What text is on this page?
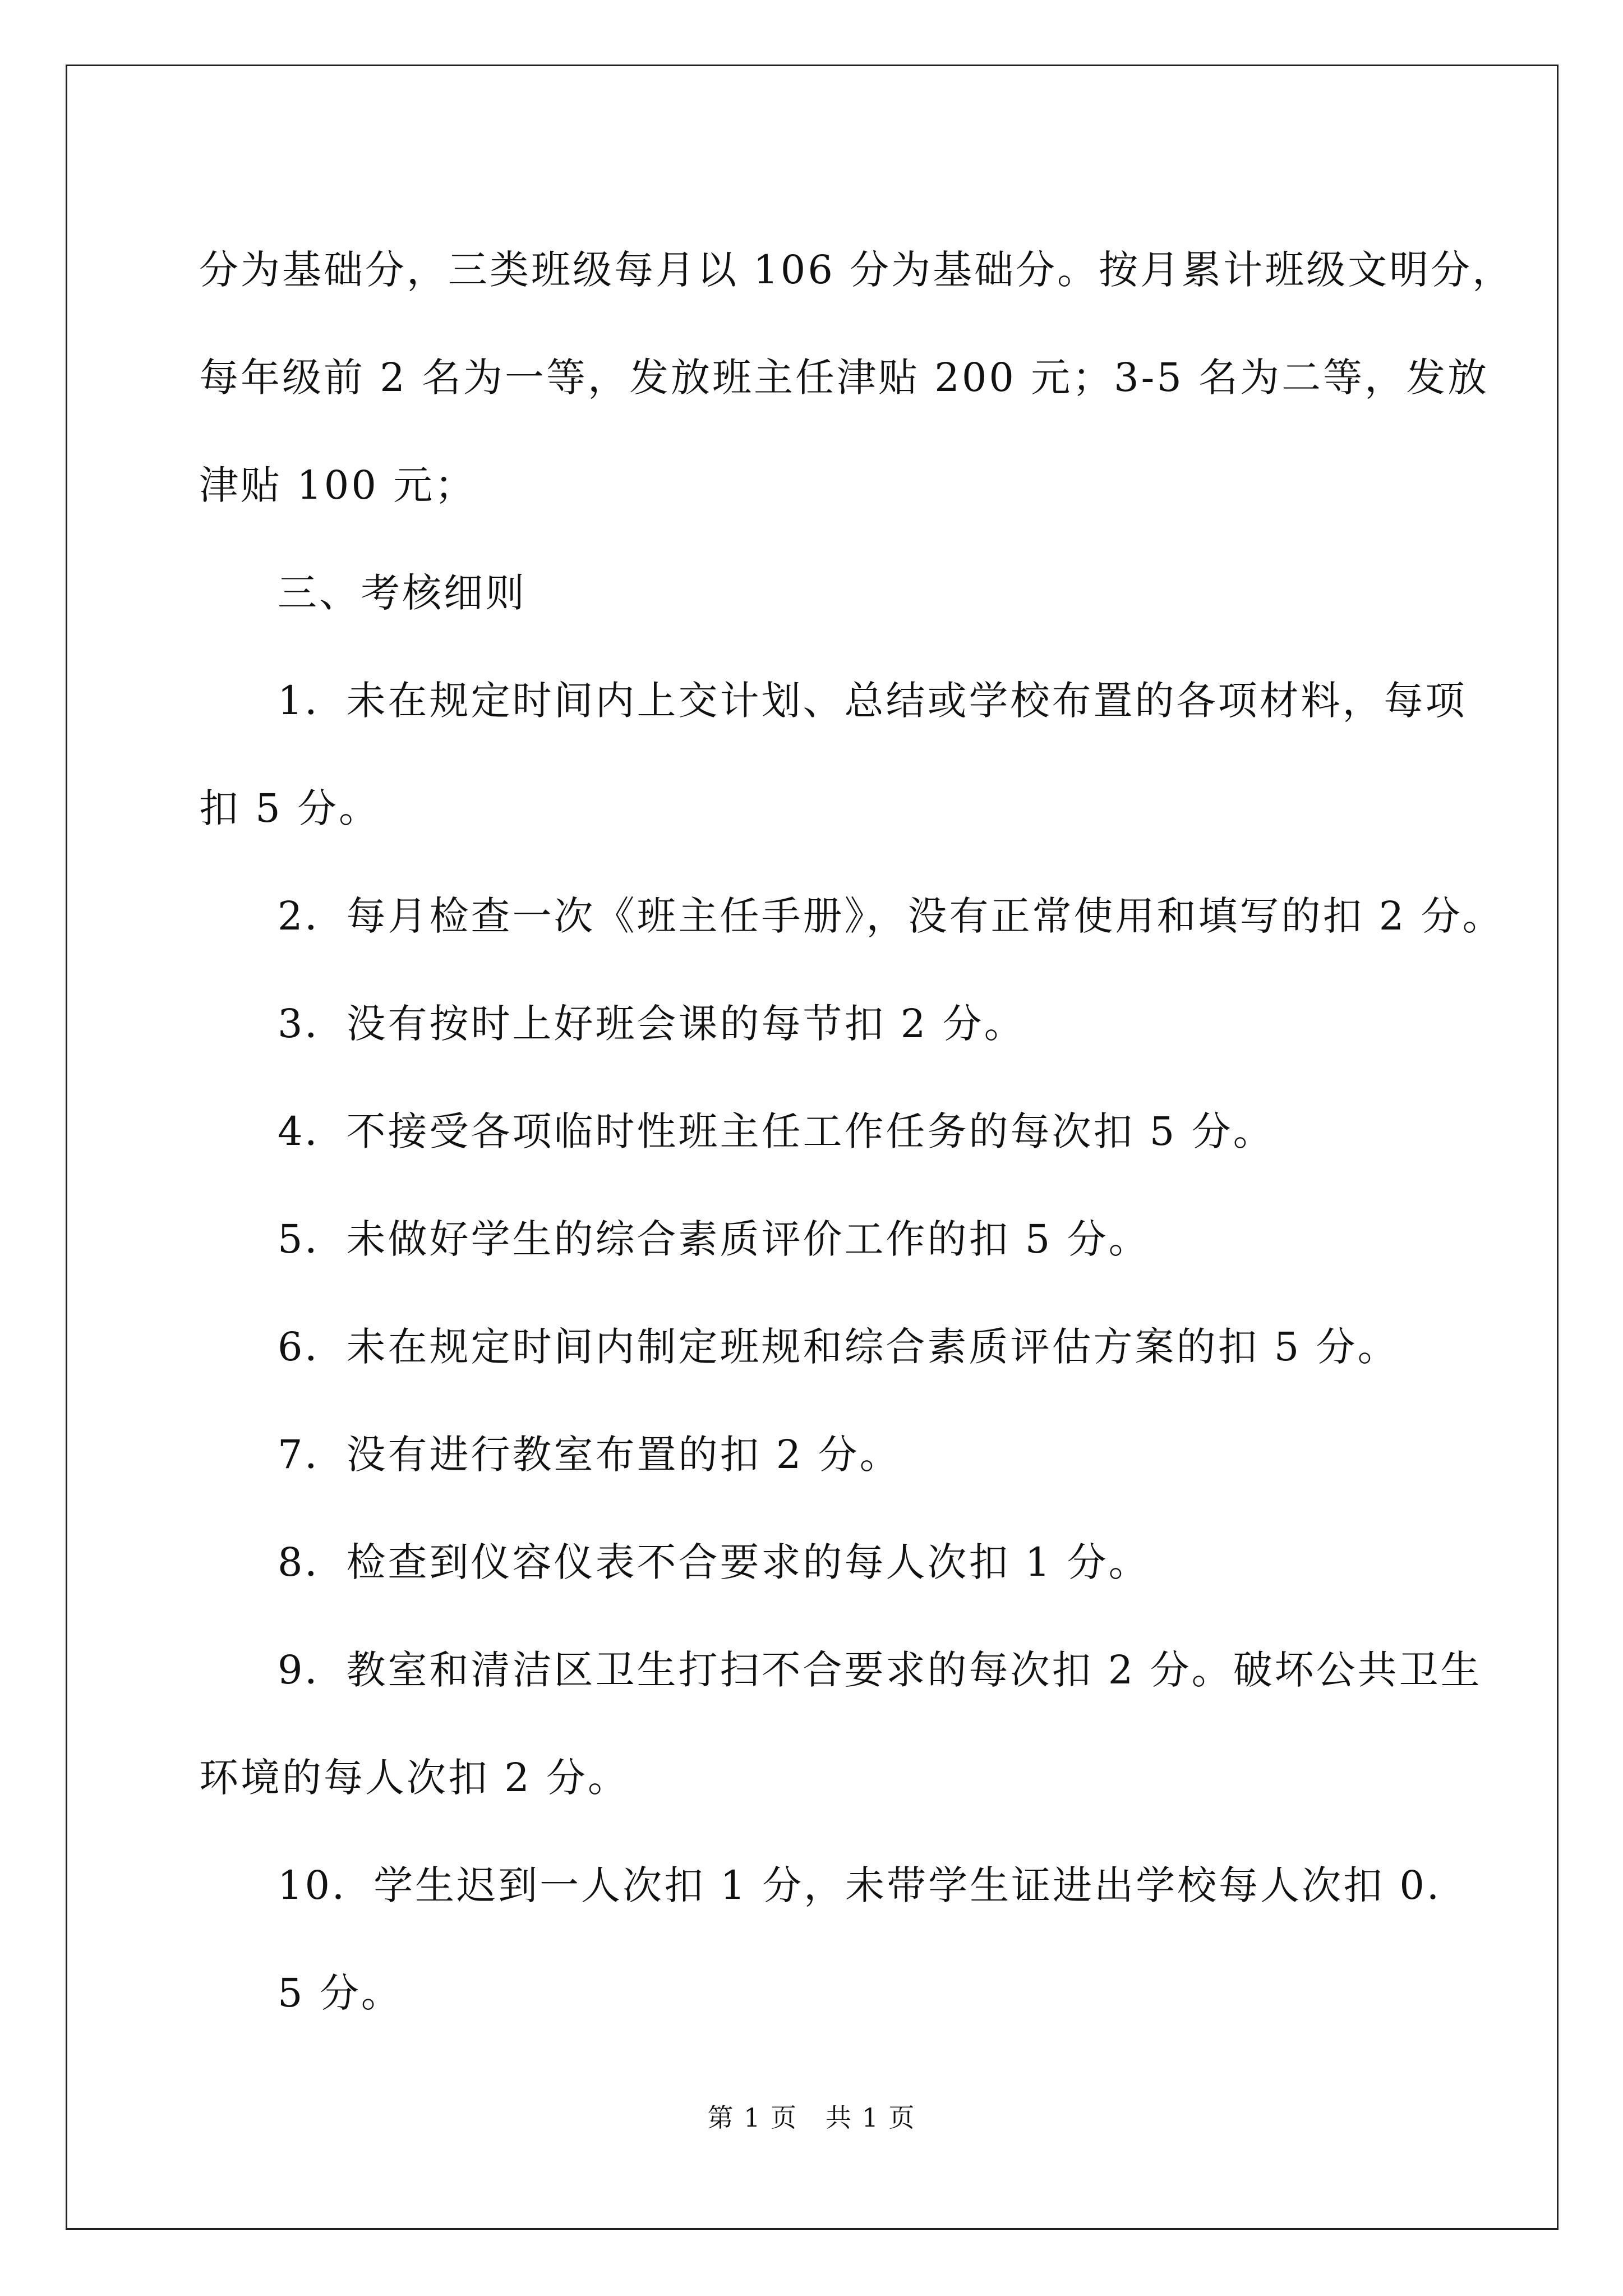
分为基础分，三类班级每月以 106 分为基础分。按月累计班级文明分，
每年级前 2 名为一等，发放班主任津贴 200 元；3-5 名为二等，发放
津贴 100 元；
三、考核细则
1．未在规定时间内上交计划、总结或学校布置的各项材料，每项
扣 5 分。
2．每月检查一次《班主任手册》，没有正常使用和填写的扣 2 分。
3．没有按时上好班会课的每节扣 2 分。
4．不接受各项临时性班主任工作任务的每次扣 5 分。
5．未做好学生的综合素质评价工作的扣 5 分。
6．未在规定时间内制定班规和综合素质评估方案的扣 5 分。
7．没有进行教室布置的扣 2 分。
8．检查到仪容仪表不合要求的每人次扣 1 分。
9．教室和清洁区卫生打扫不合要求的每次扣 2 分。破坏公共卫生
环境的每人次扣 2 分。
10．学生迟到一人次扣 1 分，未带学生证进出学校每人次扣 0.
5 分。
第 1 页 共 1 页
